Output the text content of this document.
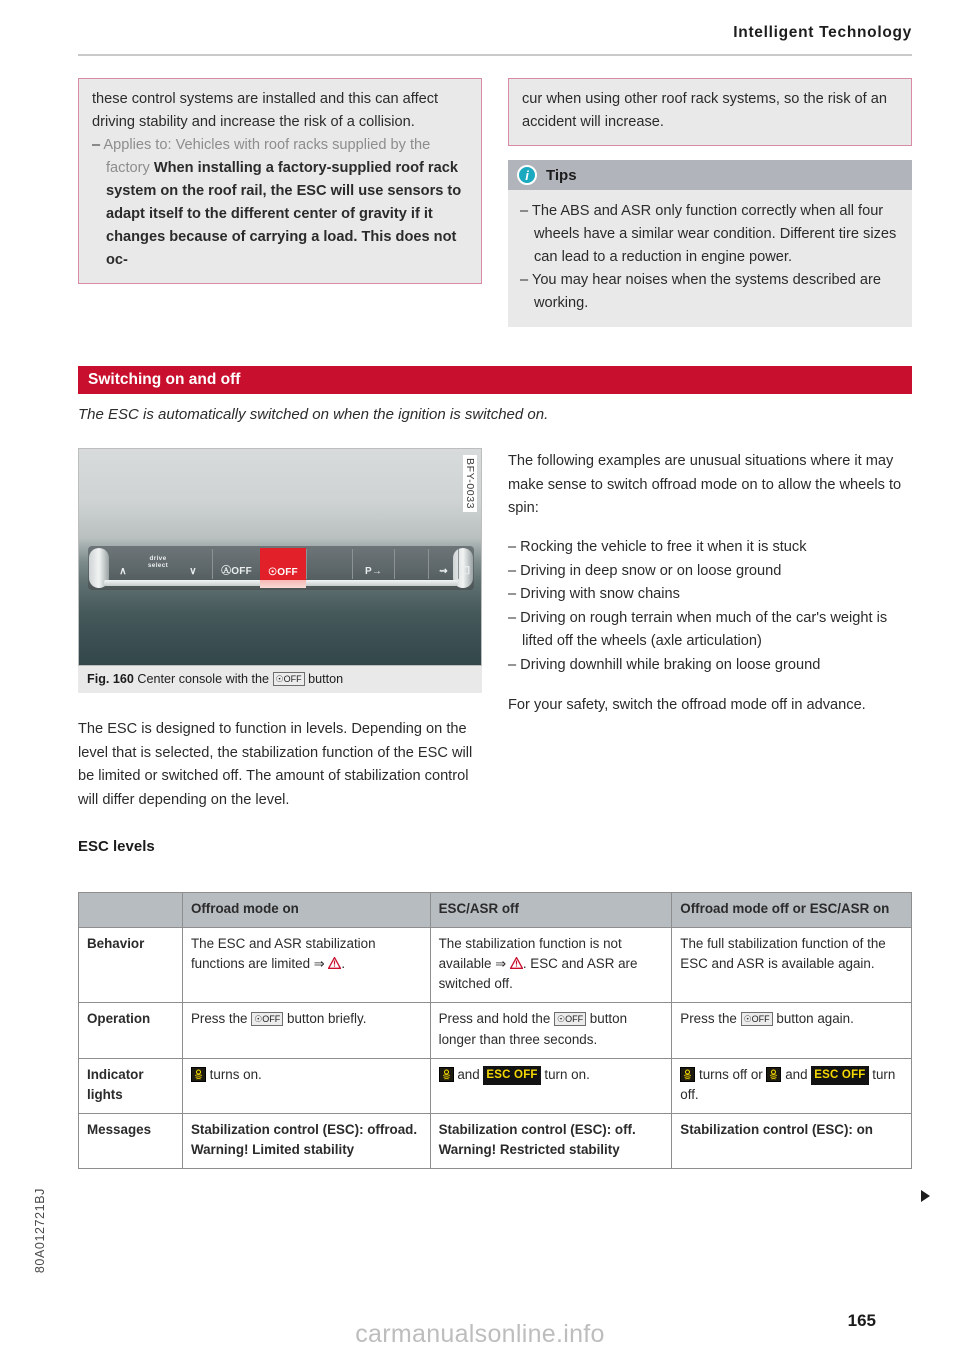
Intelligent Technology

these control systems are installed and this can affect driving stability and increase the risk of a collision.

– Applies to: Vehicles with roof racks supplied by the factory When installing a factory-supplied roof rack system on the roof rail, the ESC will use sensors to adapt itself to the different center of gravity if it changes because of carrying a load. This does not oc-

cur when using other roof rack systems, so the risk of an accident will increase.

i	Tips

– The ABS and ASR only function correctly when all four wheels have a similar wear condition. Different tire sizes can lead to a reduction in engine power.

– You may hear noises when the systems described are working.

Switching on and off
The ESC is automatically switched on when the ignition is switched on.
BFY-0033
∧
drive
select
∨ ⒶOFF ☉OFF	P→	⇝ ❐
Fig. 160 Center console with the ☉OFF button

The ESC is designed to function in levels. Depending on the level that is selected, the stabilization function of the ESC will be limited or switched off. The amount of stabilization control will differ depending on the level.

ESC levels

The following examples are unusual situations where it may make sense to switch offroad mode on to allow the wheels to spin:

– Rocking the vehicle to free it when it is stuck
– Driving in deep snow or on loose ground
– Driving with snow chains
– Driving on rough terrain when much of the car's weight is lifted off the wheels (axle articulation)
– Driving downhill while braking on loose ground

For your safety, switch the offroad mode off in advance.

	Offroad mode on	ESC/ASR off	Offroad mode off or ESC/ASR on
Behavior	The ESC and ASR stabilization functions are limited ⇒ .	The stabilization function is not available ⇒ . ESC and ASR are switched off.	The full stabilization function of the ESC and ASR is available again.
Operation	Press the ☉OFF button briefly.	Press and hold the ☉OFF button longer than three seconds.	Press the ☉OFF button again.
Indicator lights	turns on.	and ESC OFF turn on.	turns off or
and ESC OFF turn off.
Messages	Stabilization control (ESC): offroad. Warning! Limited stability	Stabilization control (ESC): off. Warning! Restricted stability	Stabilization control (ESC): on
80A012721BJ
165
carmanualsonline.info
